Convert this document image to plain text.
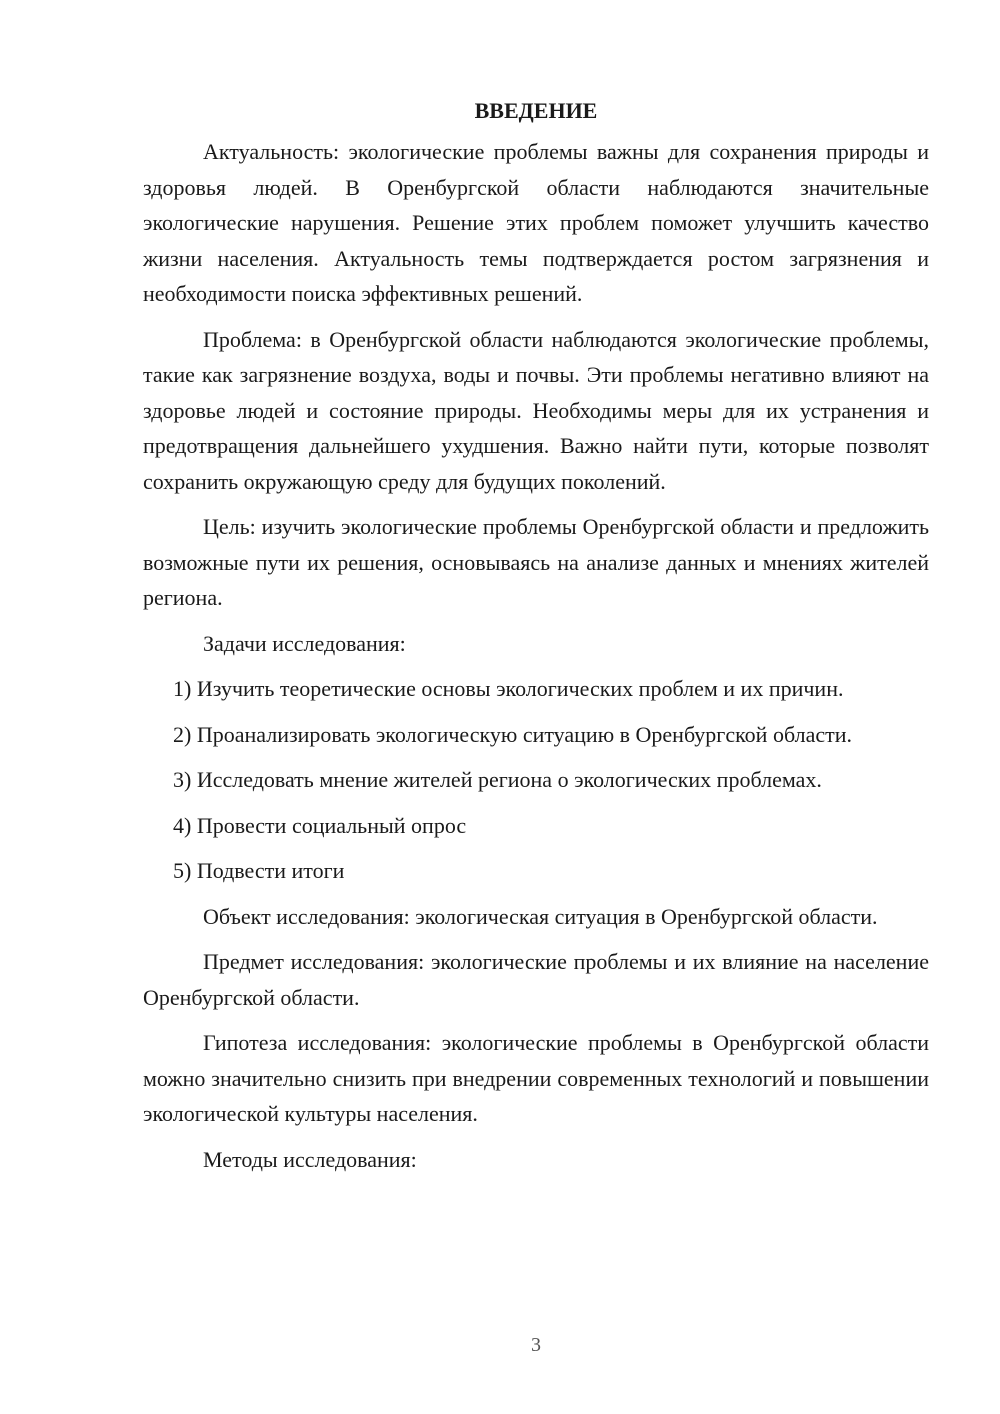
ВВЕДЕНИЕ

Актуальность: экологические проблемы важны для сохранения природы и здоровья людей. В Оренбургской области наблюдаются значительные экологические нарушения. Решение этих проблем поможет улучшить качество жизни населения. Актуальность темы подтверждается ростом загрязнения и необходимости поиска эффективных решений.

Проблема: в Оренбургской области наблюдаются экологические проблемы, такие как загрязнение воздуха, воды и почвы. Эти проблемы негативно влияют на здоровье людей и состояние природы. Необходимы меры для их устранения и предотвращения дальнейшего ухудшения. Важно найти пути, которые позволят сохранить окружающую среду для будущих поколений.

Цель: изучить экологические проблемы Оренбургской области и предложить возможные пути их решения, основываясь на анализе данных и мнениях жителей региона.

Задачи исследования:

1) Изучить теоретические основы экологических проблем и их причин.

2) Проанализировать экологическую ситуацию в Оренбургской области.

3) Исследовать мнение жителей региона о экологических проблемах.

4) Провести социальный опрос

5) Подвести итоги

Объект исследования: экологическая ситуация в Оренбургской области.

Предмет исследования: экологические проблемы и их влияние на население Оренбургской области.

Гипотеза исследования: экологические проблемы в Оренбургской области можно значительно снизить при внедрении современных технологий и повышении экологической культуры населения.

Методы исследования:

3
